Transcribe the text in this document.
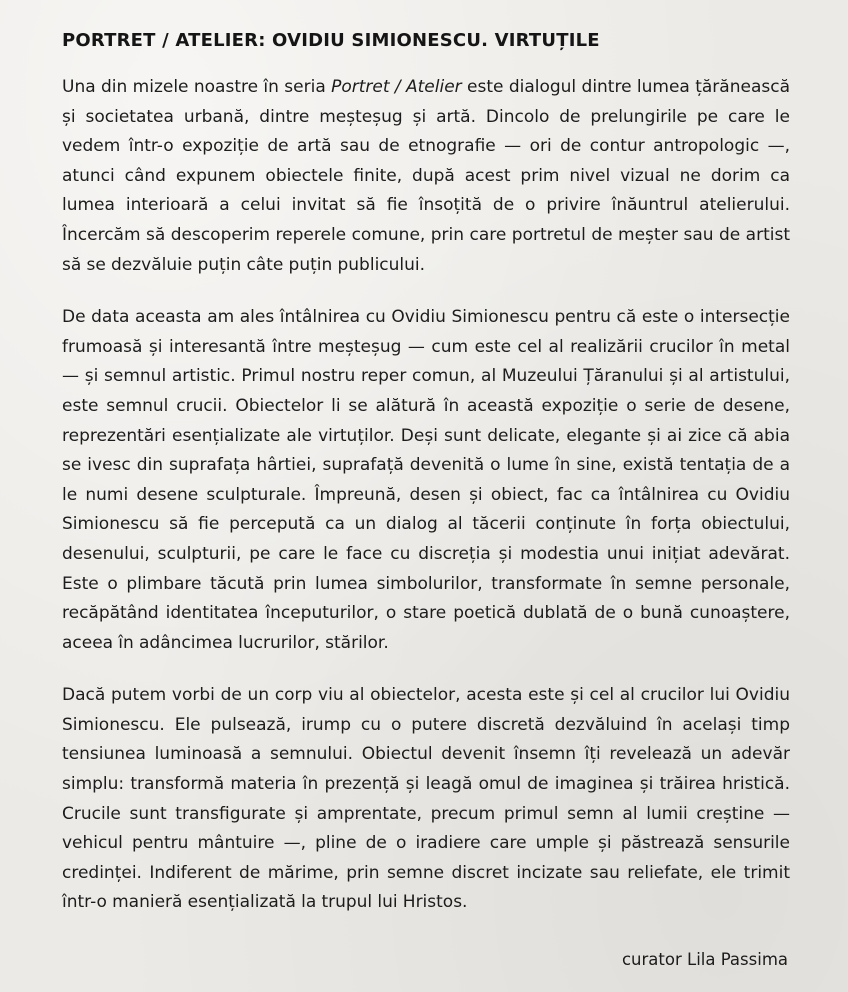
PORTRET / ATELIER: OVIDIU SIMIONESCU. VIRTUȚILE

Una din mizele noastre în seria Portret / Atelier este dialogul dintre lumea țărănească și societatea urbană, dintre meșteșug și artă. Dincolo de prelungirile pe care le vedem într-o expoziție de artă sau de etnografie — ori de contur antropologic —, atunci când expunem obiectele finite, după acest prim nivel vizual ne dorim ca lumea interioară a celui invitat să fie însoțită de o privire înăuntrul atelierului. Încercăm să descoperim reperele comune, prin care portretul de meșter sau de artist să se dezvăluie puțin câte puțin publicului.

De data aceasta am ales întâlnirea cu Ovidiu Simionescu pentru că este o intersecție frumoasă și interesantă între meșteșug — cum este cel al realizării crucilor în metal — și semnul artistic. Primul nostru reper comun, al Muzeului Țăranului și al artistului, este semnul crucii. Obiectelor li se alătură în această expoziție o serie de desene, reprezentări esențializate ale virtuților. Deși sunt delicate, elegante și ai zice că abia se ivesc din suprafața hârtiei, suprafață devenită o lume în sine, există tentația de a le numi desene sculpturale. Împreună, desen și obiect, fac ca întâlnirea cu Ovidiu Simionescu să fie percepută ca un dialog al tăcerii conținute în forța obiectului, desenului, sculpturii, pe care le face cu discreția și modestia unui inițiat adevărat. Este o plimbare tăcută prin lumea simbolurilor, transformate în semne personale, recăpătând identitatea începuturilor, o stare poetică dublată de o bună cunoaștere, aceea în adâncimea lucrurilor, stărilor.

Dacă putem vorbi de un corp viu al obiectelor, acesta este și cel al crucilor lui Ovidiu Simionescu. Ele pulsează, irump cu o putere discretă dezvăluind în același timp tensiunea luminoasă a semnului. Obiectul devenit însemn îți revelează un adevăr simplu: transformă materia în prezență și leagă omul de imaginea și trăirea hristică. Crucile sunt transfigurate și amprentate, precum primul semn al lumii creștine — vehicul pentru mântuire —, pline de o iradiere care umple și păstrează sensurile credinței. Indiferent de mărime, prin semne discret incizate sau reliefate, ele trimit într-o manieră esențializată la trupul lui Hristos.

curator Lila Passima
